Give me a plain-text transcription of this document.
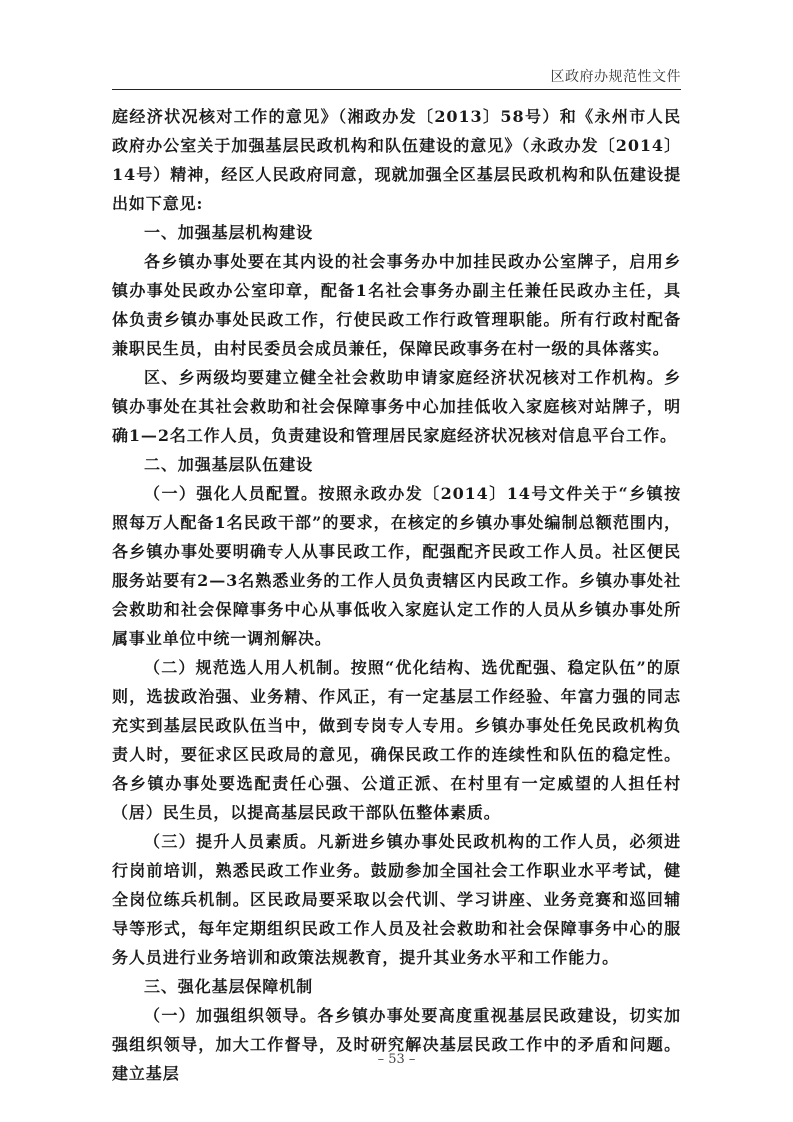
区政府办规范性文件

庭经济状况核对工作的意见》（湘政办发〔2013〕58号）和《永州市人民政府办公室关于加强基层民政机构和队伍建设的意见》（永政办发〔2014〕14号）精神，经区人民政府同意，现就加强全区基层民政机构和队伍建设提出如下意见:

一、加强基层机构建设

各乡镇办事处要在其内设的社会事务办中加挂民政办公室牌子，启用乡镇办事处民政办公室印章，配备1名社会事务办副主任兼任民政办主任，具体负责乡镇办事处民政工作，行使民政工作行政管理职能。所有行政村配备兼职民生员，由村民委员会成员兼任，保障民政事务在村一级的具体落实。

区、乡两级均要建立健全社会救助申请家庭经济状况核对工作机构。乡镇办事处在其社会救助和社会保障事务中心加挂低收入家庭核对站牌子，明确1—2名工作人员，负责建设和管理居民家庭经济状况核对信息平台工作。

二、加强基层队伍建设

（一）强化人员配置。按照永政办发〔2014〕14号文件关于“乡镇按照每万人配备1名民政干部”的要求，在核定的乡镇办事处编制总额范围内，各乡镇办事处要明确专人从事民政工作，配强配齐民政工作人员。社区便民服务站要有2—3名熟悉业务的工作人员负责辖区内民政工作。乡镇办事处社会救助和社会保障事务中心从事低收入家庭认定工作的人员从乡镇办事处所属事业单位中统一调剂解决。

（二）规范选人用人机制。按照“优化结构、选优配强、稳定队伍”的原则，选拔政治强、业务精、作风正，有一定基层工作经验、年富力强的同志充实到基层民政队伍当中，做到专岗专人专用。乡镇办事处任免民政机构负责人时，要征求区民政局的意见，确保民政工作的连续性和队伍的稳定性。各乡镇办事处要选配责任心强、公道正派、在村里有一定威望的人担任村（居）民生员，以提高基层民政干部队伍整体素质。

（三）提升人员素质。凡新进乡镇办事处民政机构的工作人员，必须进行岗前培训，熟悉民政工作业务。鼓励参加全国社会工作职业水平考试，健全岗位练兵机制。区民政局要采取以会代训、学习讲座、业务竞赛和巡回辅导等形式，每年定期组织民政工作人员及社会救助和社会保障事务中心的服务人员进行业务培训和政策法规教育，提升其业务水平和工作能力。

三、强化基层保障机制

（一）加强组织领导。各乡镇办事处要高度重视基层民政建设，切实加强组织领导，加大工作督导，及时研究解决基层民政工作中的矛盾和问题。建立基层

– 53 –
